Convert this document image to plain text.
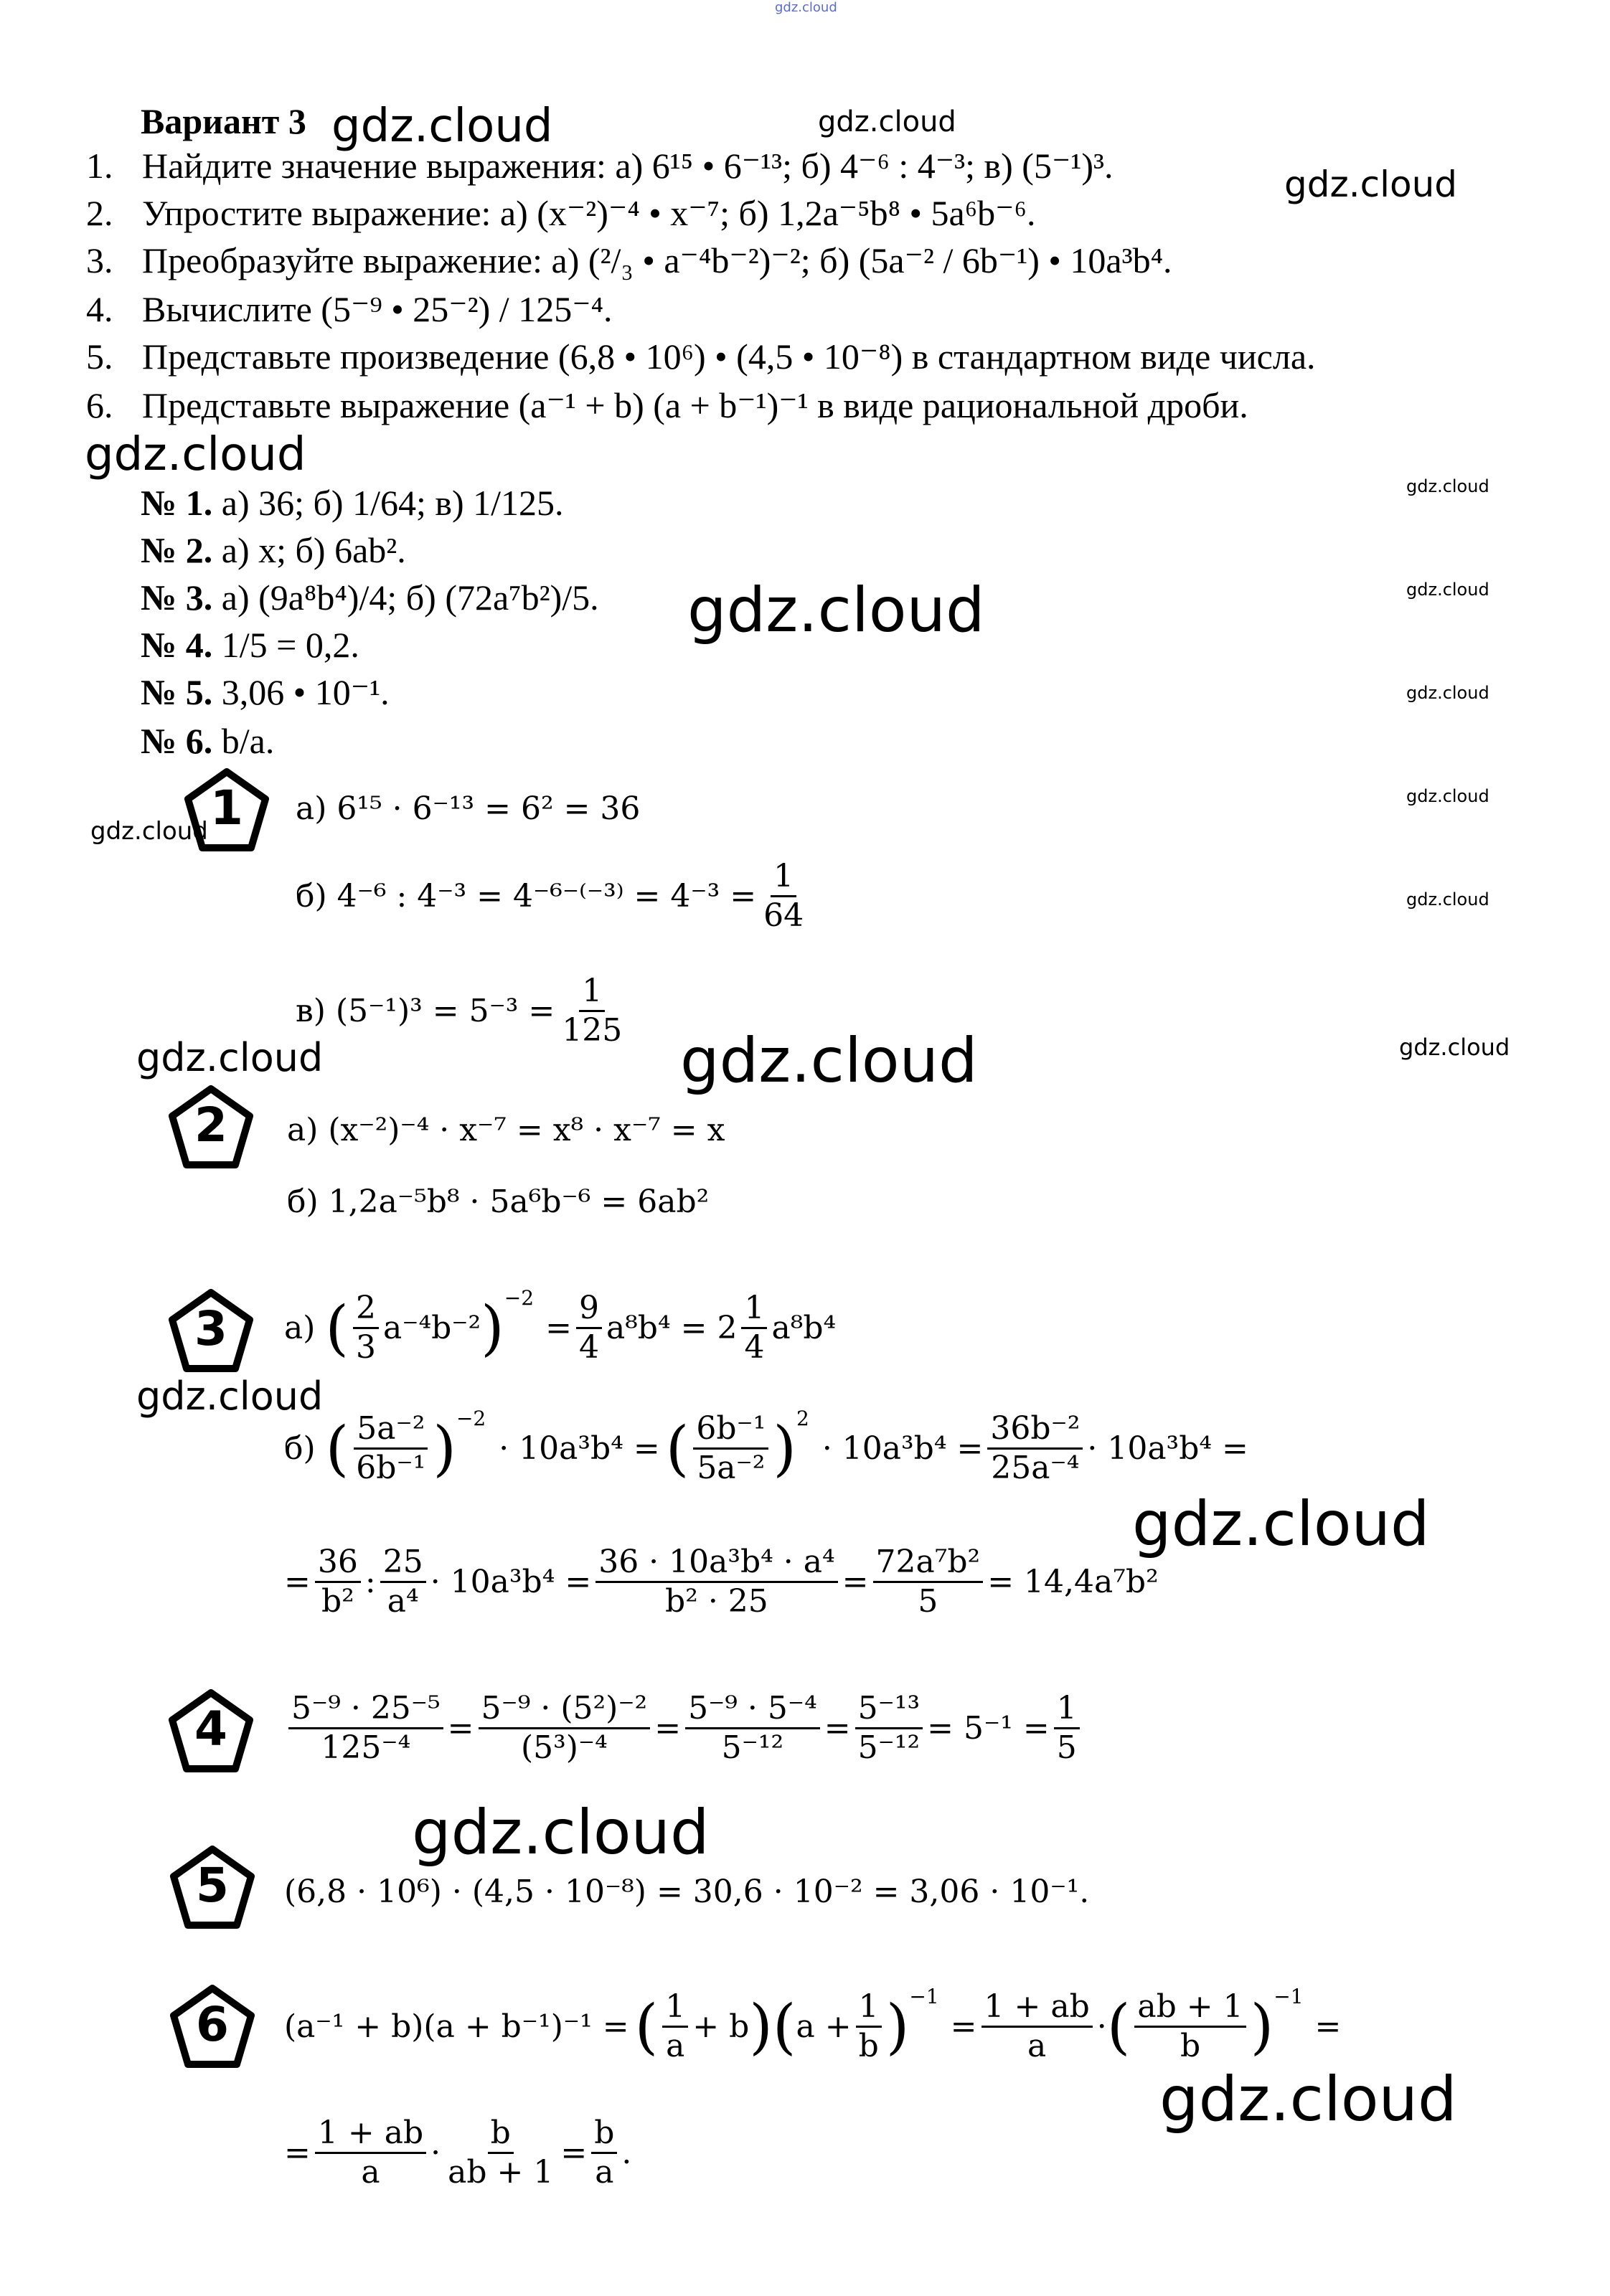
gdz.cloud
Вариант 3
1. Найдите значение выражения: а) 6¹⁵ • 6⁻¹³; б) 4⁻⁶ : 4⁻³; в) (5⁻¹)³.
2. Упростите выражение: а) (x⁻²)⁻⁴ • x⁻⁷; б) 1,2a⁻⁵b⁸ • 5a⁶b⁻⁶.
3. Преобразуйте выражение: а) (²/₃ • a⁻⁴b⁻²)⁻²; б) (5a⁻² / 6b⁻¹) • 10a³b⁴.
4. Вычислите (5⁻⁹ • 25⁻²) / 125⁻⁴.
5. Представьте произведение (6,8 • 10⁶) • (4,5 • 10⁻⁸) в стандартном виде числа.
6. Представьте выражение (a⁻¹ + b) (a + b⁻¹)⁻¹ в виде рациональной дроби.
№ 1. а) 36; б) 1/64; в) 1/125.
№ 2. а) x; б) 6ab².
№ 3. а) (9a⁸b⁴)/4; б) (72a⁷b²)/5.
№ 4. 1/5 = 0,2.
№ 5. 3,06 • 10⁻¹.
№ 6. b/a.
1
2
3
4
5
6
а) 6¹⁵ · 6⁻¹³ = 6² = 36
б) 4⁻⁶ : $4^{-3} = 4^{-6-(-3)} = 4^{-3} = \frac{1}{64}$
в) $(5^{-1})^3 = 5^{-3} = \frac{1}{125}$
а) (x⁻²)⁻⁴ · x⁻⁷ = x⁸ · x⁻⁷ = x
б) 1,2a⁻⁵b⁸ · 5a⁶b⁻⁶ = 6ab²
а) ( $\frac{2}{3} a^{-4}b^{-2}$ ) −2
= $\frac{9}{4} a^8b^4 = 2 \frac{1}{4} a^8b^4$
б) ( $\frac{\text{5a⁻²}}{\text{6b⁻¹}}$ ) −2
· 10a³b⁴ = ( $\frac{\text{6b⁻¹}}{\text{5a⁻²}}$ ) 2
· $10a^3b^4 = \frac{\text{36b⁻²}}{\text{25a⁻⁴}} \cdot 10a^3b^4$ =
= $\frac{36}{\text{b²}}$ : $\frac{25}{\text{a⁴}} \cdot 10a^3b^4 = \frac{\text{36 · 10a³b⁴ · a⁴}}{\text{b² · 25}} = \frac{\text{72a⁷b²}}{5} = 14,4a^7b^2$
$\frac{\text{5⁻⁹ · 25⁻⁵}}{\text{125⁻⁴}} = \frac{\text{5⁻⁹ · (5²)⁻²}}{\text{(5³)⁻⁴}} = \frac{\text{5⁻⁹ · 5⁻⁴}}{\text{5⁻¹²}} = \frac{\text{5⁻¹³}}{\text{5⁻¹²}} = 5^{-1} = \frac{1}{5}$
(6,8 · 10⁶) · (4,5 · 10⁻⁸) = 30,6 · 10⁻² = 3,06 · 10⁻¹.
(a⁻¹ + b)(a + b⁻¹)⁻¹ = ( $\frac{1}{a} + b$ ) ( $a + \frac{1}{b}$ ) −1
= $\frac{1 + ab}{a}$ · ( $\frac{ab + 1}{b}$ ) −1
=
= $\frac{1 + ab}{a} \cdot \frac{b}{ab + 1} = \frac{b}{a}$ .
gdz.cloud	gdz.cloud
gdz.cloud
gdz.cloud
gdz.cloud
gdz.cloud
gdz.cloud
gdz.cloud
gdz.cloud
gdz.cloud
gdz.cloud
gdz.cloud	gdz.cloud	gdz.cloud
gdz.cloud
gdz.cloud
gdz.cloud
gdz.cloud
